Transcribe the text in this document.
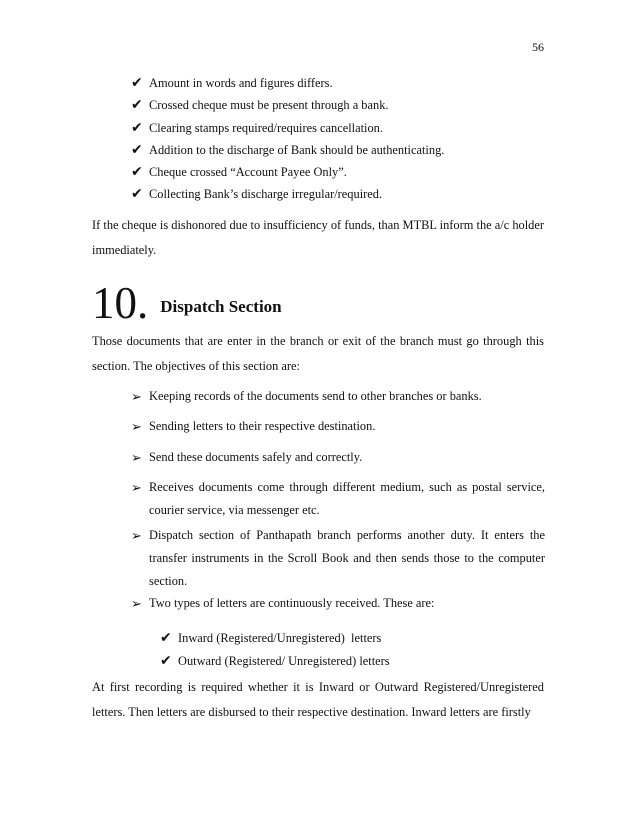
56
✔ Amount in words and figures differs.
✔ Crossed cheque must be present through a bank.
✔ Clearing stamps required/requires cancellation.
✔ Addition to the discharge of Bank should be authenticating.
✔ Cheque crossed “Account Payee Only”.
✔ Collecting Bank’s discharge irregular/required.

If the cheque is dishonored due to insufficiency of funds, than MTBL inform the a/c holder immediately.

10. Dispatch Section

Those documents that are enter in the branch or exit of the branch must go through this section. The objectives of this section are:

➢ Keeping records of the documents send to other branches or banks.
➢ Sending letters to their respective destination.
➢ Send these documents safely and correctly.
➢ Receives documents come through different medium, such as postal service, courier service, via messenger etc.
➢ Dispatch section of Panthapath branch performs another duty. It enters the transfer instruments in the Scroll Book and then sends those to the computer section.
➢ Two types of letters are continuously received. These are:
✔ Inward (Registered/Unregistered)  letters
✔ Outward (Registered/ Unregistered) letters

At first recording is required whether it is Inward or Outward Registered/Unregistered letters. Then letters are disbursed to their respective destination. Inward letters are firstly
